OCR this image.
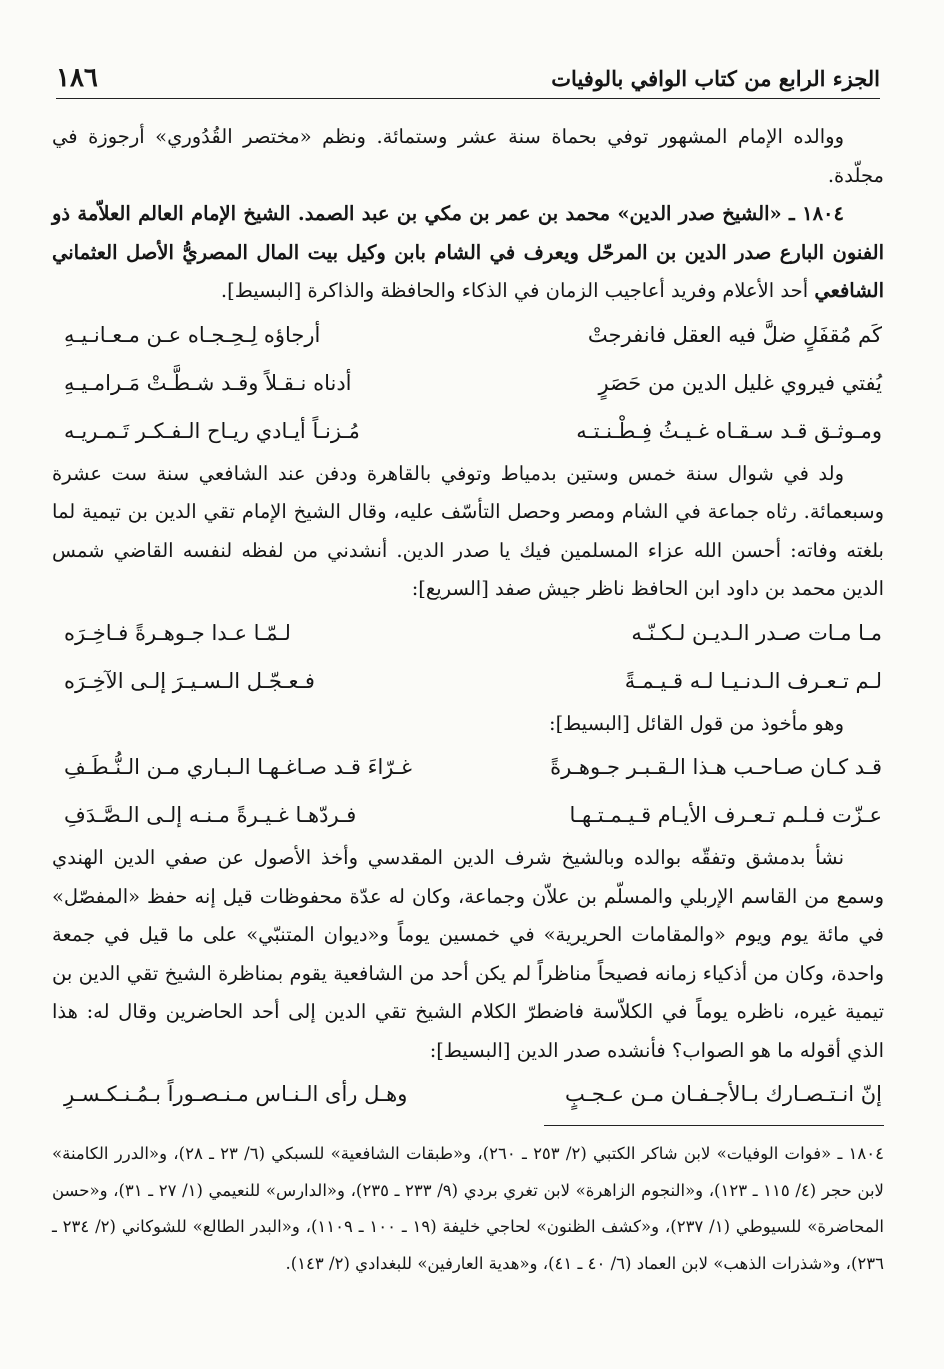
الجزء الرابع من كتاب الوافي بالوفيات
١٨٦

ووالده الإمام المشهور توفي بحماة سنة عشر وستمائة. ونظم «مختصر القُدُوري» أرجوزة في مجلّدة.

١٨٠٤ ـ «الشيخ صدر الدين» محمد بن عمر بن مكي بن عبد الصمد. الشيخ الإمام العالم العلاّمة ذو الفنون البارع صدر الدين بن المرحّل ويعرف في الشام بابن وكيل بيت المال المصريُّ الأصل العثماني الشافعي أحد الأعلام وفريد أعاجيب الزمان في الذكاء والحافظة والذاكرة [البسيط].

كَم مُقفَلٍ ضلَّ فيه العقل فانفرجتْ
أرجاؤه لِـحِـجـاه عـن مـعـانـيـهِ
يُفتي فيروي غليل الدين من حَصَرٍ
أدناه نـقـلاً وقـد شـطَّـتْ مَـرامـيـهِ
ومـوثـق قـد سـقـاه غـيـثُ فِـطْـنـتـه
مُـزنـاً أيـادي ريـاح الـفـكـر تَـمـريـه

ولد في شوال سنة خمس وستين بدمياط وتوفي بالقاهرة ودفن عند الشافعي سنة ست عشرة وسبعمائة. رثاه جماعة في الشام ومصر وحصل التأسّف عليه، وقال الشيخ الإمام تقي الدين بن تيمية لما بلغته وفاته: أحسن الله عزاء المسلمين فيك يا صدر الدين. أنشدني من لفظه لنفسه القاضي شمس الدين محمد بن داود ابن الحافظ ناظر جيش صفد [السريع]:

مـا مـات صـدر الـديـن لـكـنّـه
لـمّـا عـدا جـوهـرةً فـاخِـرَه
لـم تـعـرف الـدنـيـا لـه قـيـمـةً
فـعـجّـل الـسـيـرَ إلـى الآخِـرَه

وهو مأخوذ من قول القائل [البسيط]:

قـد كـان صـاحـب هـذا الـقـبـر جـوهـرةً
غـرّاءَ قـد صـاغـهـا الـبـاري مـن الـنُّـطَـفِ
عـزّت فـلـم تـعـرف الأيـام قـيـمـتـهـا
فـردّهـا غـيـرةً مـنـه إلـى الـصَّـدَفِ

نشأ بدمشق وتفقّه بوالده وبالشيخ شرف الدين المقدسي وأخذ الأصول عن صفي الدين الهندي وسمع من القاسم الإربلي والمسلّم بن علاّن وجماعة، وكان له عدّة محفوظات قيل إنه حفظ «المفصّل» في مائة يوم ويوم «والمقامات الحريرية» في خمسين يوماً و«ديوان المتنبّي» على ما قيل في جمعة واحدة، وكان من أذكياء زمانه فصيحاً مناظراً لم يكن أحد من الشافعية يقوم بمناظرة الشيخ تقي الدين بن تيمية غيره، ناظره يوماً في الكلاّسة فاضطرّ الكلام الشيخ تقي الدين إلى أحد الحاضرين وقال له: هذا الذي أقوله ما هو الصواب؟ فأنشده صدر الدين [البسيط]:

إنّ انـتـصـارك بـالأجـفـان مـن عـجـبٍ
وهـل رأى الـنـاس مـنـصـوراً بـمُـنـكـسـرِ
١٨٠٤ ـ «فوات الوفيات» لابن شاكر الكتبي (٢/ ٢٥٣ ـ ٢٦٠)، و«طبقات الشافعية» للسبكي (٦/ ٢٣ ـ ٢٨)، و«الدرر الكامنة» لابن حجر (٤/ ١١٥ ـ ١٢٣)، و«النجوم الزاهرة» لابن تغري بردي (٩/ ٢٣٣ ـ ٢٣٥)، و«الدارس» للنعيمي (١/ ٢٧ ـ ٣١)، و«حسن المحاضرة» للسيوطي (١/ ٢٣٧)، و«كشف الظنون» لحاجي خليفة (١٩ ـ ١٠٠ ـ ١١٠٩)، و«البدر الطالع» للشوكاني (٢/ ٢٣٤ ـ ٢٣٦)، و«شذرات الذهب» لابن العماد (٦/ ٤٠ ـ ٤١)، و«هدية العارفين» للبغدادي (٢/ ١٤٣).
